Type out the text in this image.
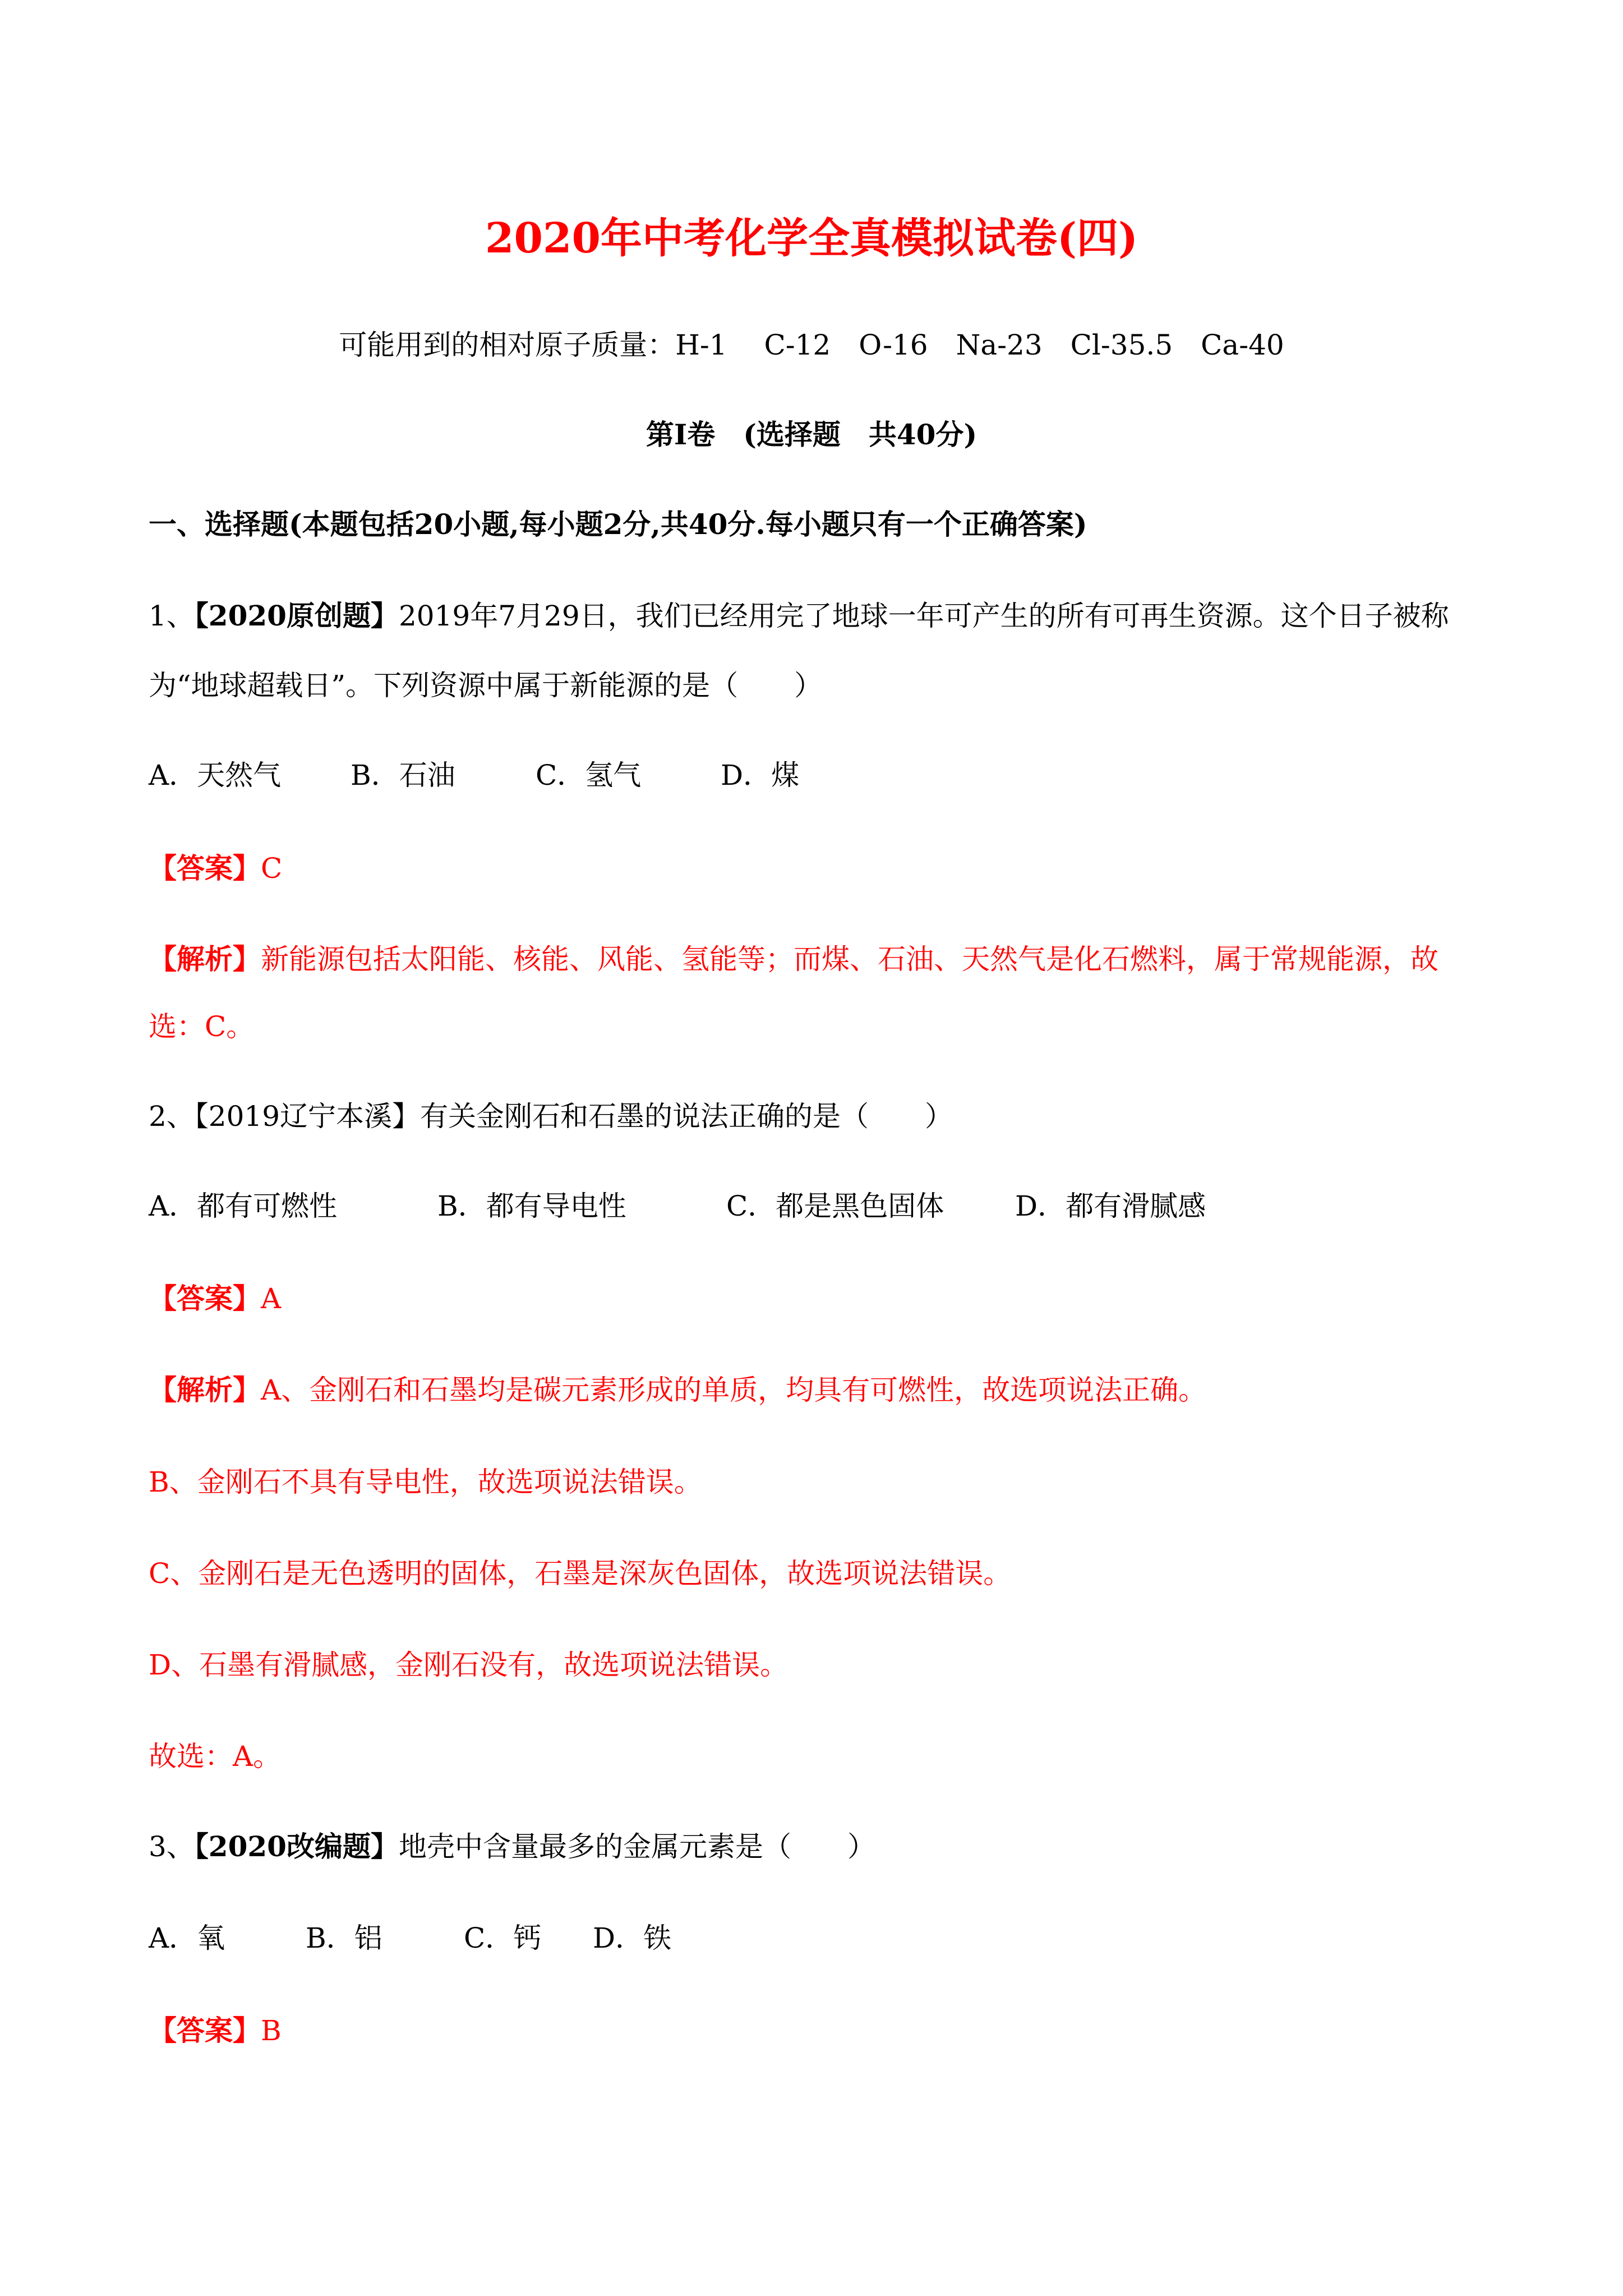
2020年中考化学全真模拟试卷(四)
可能用到的相对原子质量：H-1　 C-12　O-16　Na-23　Cl-35.5　Ca-40
第Ⅰ卷　(选择题　共40分)
一、选择题(本题包括20小题,每小题2分,共40分.每小题只有一个正确答案)
1、【2020原创题】2019年7月29日，我们已经用完了地球一年可产生的所有可再生资源。这个日子被称
为“地球超载日”。下列资源中属于新能源的是（　　）
A．天然气 B．石油	C．氢气	D．煤
【答案】C
【解析】新能源包括太阳能、核能、风能、氢能等；而煤、石油、天然气是化石燃料，属于常规能源，故
选：C。
2、【2019辽宁本溪】有关金刚石和石墨的说法正确的是（　　）
A．都有可燃性	B．都有导电性	C．都是黑色固体	D．都有滑腻感
【答案】A
【解析】A、金刚石和石墨均是碳元素形成的单质，均具有可燃性，故选项说法正确。
B、金刚石不具有导电性，故选项说法错误。
C、金刚石是无色透明的固体，石墨是深灰色固体，故选项说法错误。
D、石墨有滑腻感，金刚石没有，故选项说法错误。
故选：A。
3、【2020改编题】地壳中含量最多的金属元素是（　　）
A．氧	B．铝	C．钙 D．铁
【答案】B
